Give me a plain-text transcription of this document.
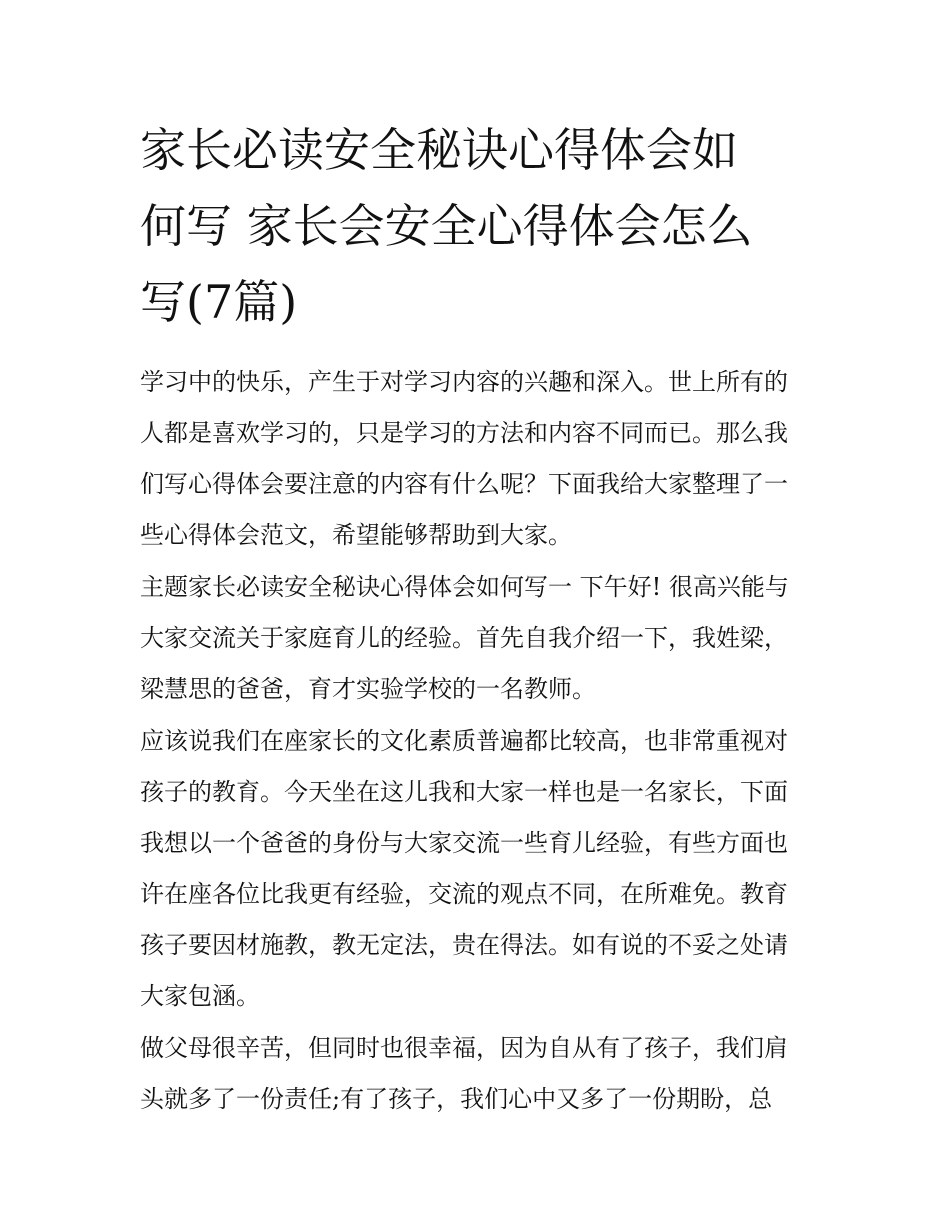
家长必读安全秘诀心得体会如
何写 家长会安全心得体会怎么
写(7篇)

学习中的快乐，产生于对学习内容的兴趣和深入。世上所有的
人都是喜欢学习的，只是学习的方法和内容不同而已。那么我
们写心得体会要注意的内容有什么呢？下面我给大家整理了一
些心得体会范文，希望能够帮助到大家。

主题家长必读安全秘诀心得体会如何写一 下午好! 很高兴能与
大家交流关于家庭育儿的经验。首先自我介绍一下，我姓梁，
梁慧思的爸爸，育才实验学校的一名教师。

应该说我们在座家长的文化素质普遍都比较高，也非常重视对
孩子的教育。今天坐在这儿我和大家一样也是一名家长，下面
我想以一个爸爸的身份与大家交流一些育儿经验，有些方面也
许在座各位比我更有经验，交流的观点不同，在所难免。教育
孩子要因材施教，教无定法，贵在得法。如有说的不妥之处请
大家包涵。

做父母很辛苦，但同时也很幸福，因为自从有了孩子，我们肩
头就多了一份责任;有了孩子，我们心中又多了一份期盼，总
